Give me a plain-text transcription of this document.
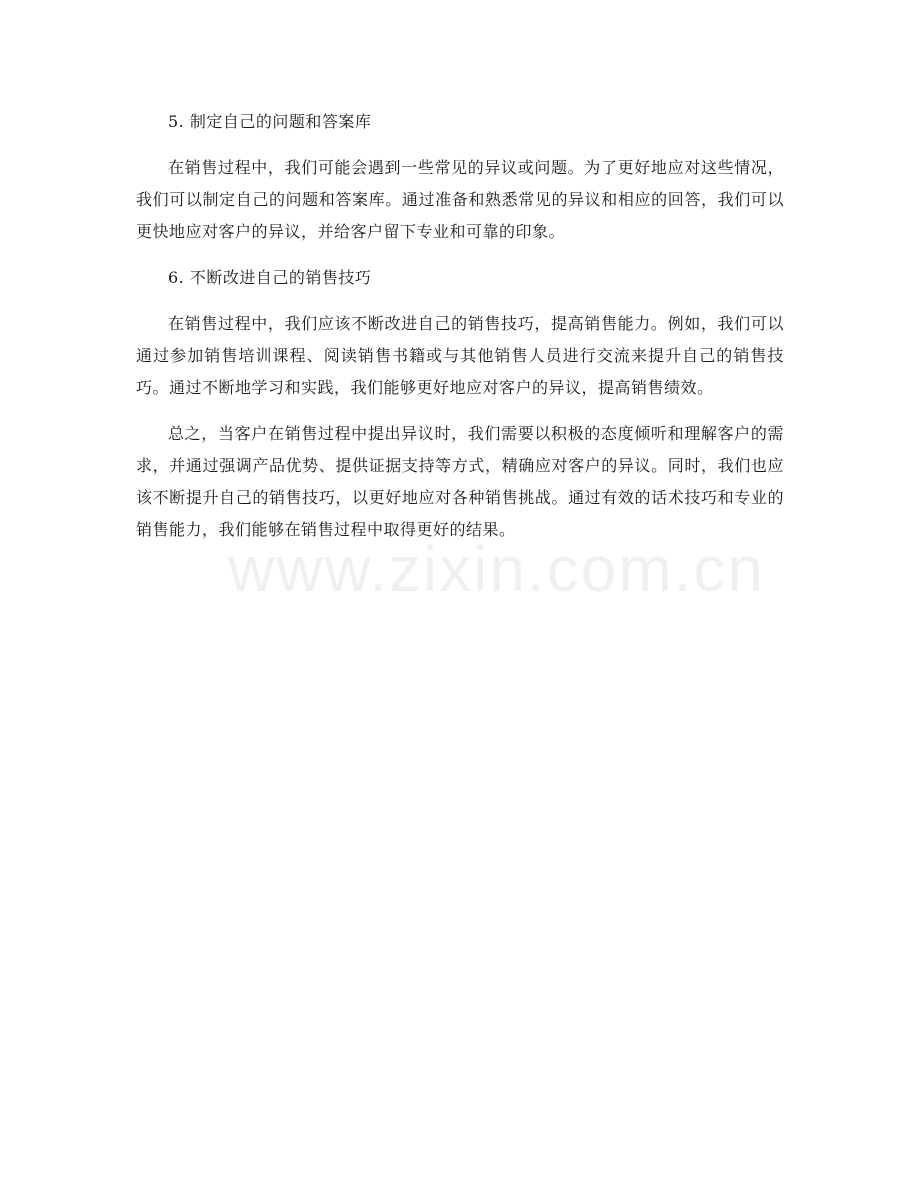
5. 制定自己的问题和答案库

在销售过程中，我们可能会遇到一些常见的异议或问题。为了更好地应对这些情况，我们可以制定自己的问题和答案库。通过准备和熟悉常见的异议和相应的回答，我们可以更快地应对客户的异议，并给客户留下专业和可靠的印象。

6. 不断改进自己的销售技巧

在销售过程中，我们应该不断改进自己的销售技巧，提高销售能力。例如，我们可以通过参加销售培训课程、阅读销售书籍或与其他销售人员进行交流来提升自己的销售技巧。通过不断地学习和实践，我们能够更好地应对客户的异议，提高销售绩效。

总之，当客户在销售过程中提出异议时，我们需要以积极的态度倾听和理解客户的需求，并通过强调产品优势、提供证据支持等方式，精确应对客户的异议。同时，我们也应该不断提升自己的销售技巧，以更好地应对各种销售挑战。通过有效的话术技巧和专业的销售能力，我们能够在销售过程中取得更好的结果。

www.zixin.com.cn
